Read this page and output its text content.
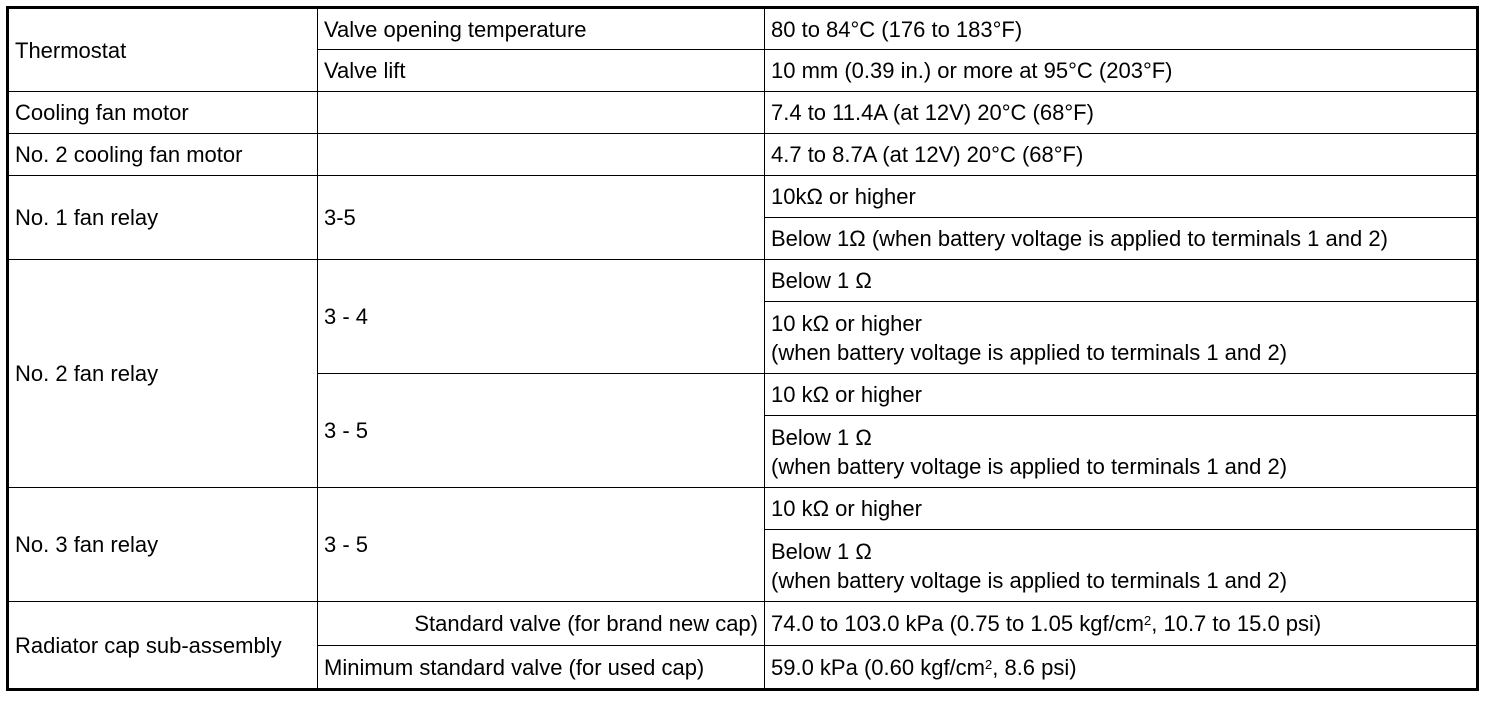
Thermostat	Valve opening temperature	80 to 84°C (176 to 183°F)
	Valve lift	10 mm (0.39 in.) or more at 95°C (203°F)
Cooling fan motor		7.4 to 11.4A (at 12V) 20°C (68°F)
No. 2 cooling fan motor		4.7 to 8.7A (at 12V) 20°C (68°F)
No. 1 fan relay	3-5	10kΩ or higher
		Below 1Ω (when battery voltage is applied to terminals 1 and 2)
No. 2 fan relay	3 - 4	Below 1 Ω

		10 kΩ or higher
(when battery voltage is applied to terminals 1 and 2)

	3 - 5	10 kΩ or higher

		Below 1 Ω
(when battery voltage is applied to terminals 1 and 2)

No. 3 fan relay	3 - 5	10 kΩ or higher

		Below 1 Ω
(when battery voltage is applied to terminals 1 and 2)

Radiator cap sub-assembly	Standard valve (for brand new cap)	74.0 to 103.0 kPa (0.75 to 1.05 kgf/$cm^2$, 10.7 to 15.0 psi)
	Minimum standard valve (for used cap)	59.0 kPa (0.60 kgf/$cm^2$, 8.6 psi)
